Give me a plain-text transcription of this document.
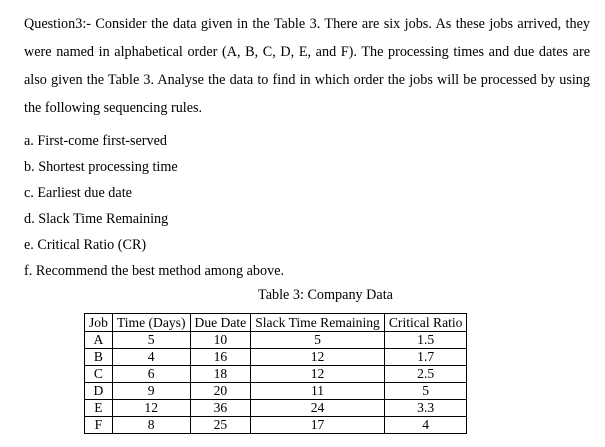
Question3:- Consider the data given in the Table 3. There are six jobs. As these jobs arrived, they were named in alphabetical order (A, B, C, D, E, and F). The processing times and due dates are also given the Table 3. Analyse the data to find in which order the jobs will be processed by using the following sequencing rules.

a. First-come first-served
b. Shortest processing time
c. Earliest due date
d. Slack Time Remaining
e. Critical Ratio (CR)
f. Recommend the best method among above.
Table 3: Company Data
Job	Time (Days)	Due Date	Slack Time Remaining	Critical Ratio
A	5	10	5	1.5
B	4	16	12	1.7
C	6	18	12	2.5
D	9	20	11	5
E	12	36	24	3.3
F	8	25	17	4
